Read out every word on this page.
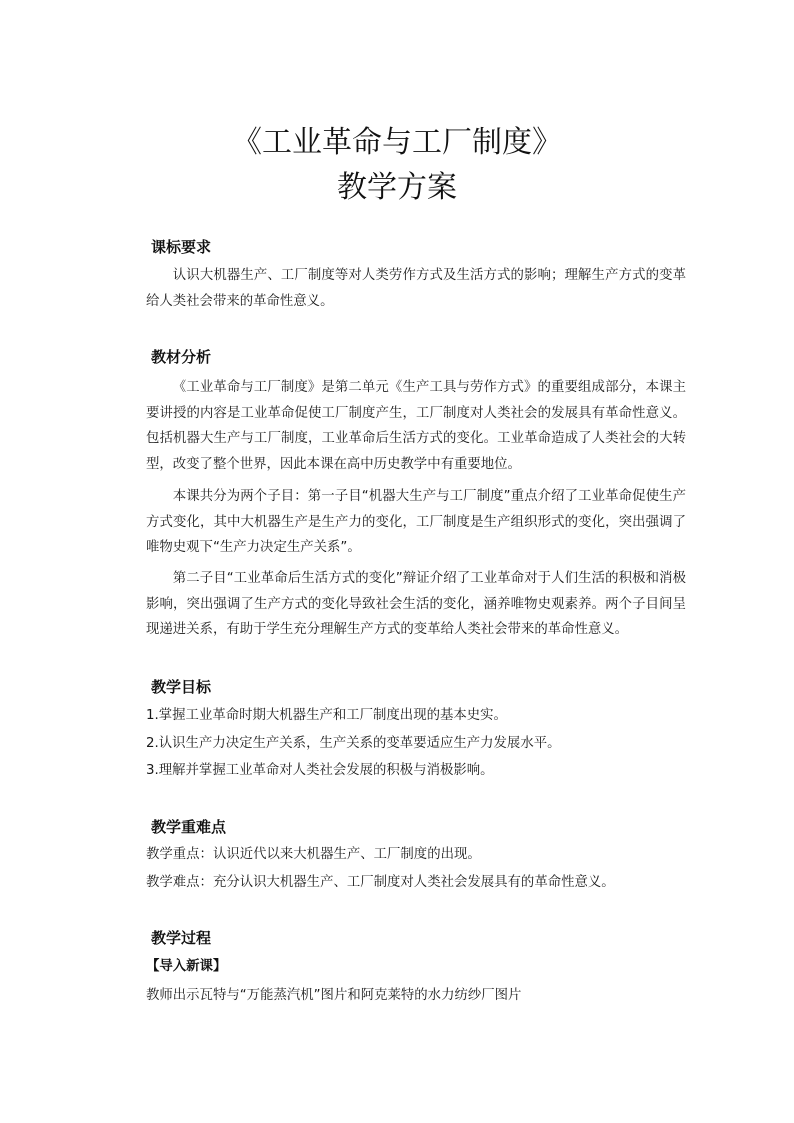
《工业革命与工厂制度》
教学方案
课标要求
认识大机器生产、工厂制度等对人类劳作方式及生活方式的影响；理解生产方式的变革给人类社会带来的革命性意义。
教材分析
《工业革命与工厂制度》是第二单元《生产工具与劳作方式》的重要组成部分，本课主要讲授的内容是工业革命促使工厂制度产生，工厂制度对人类社会的发展具有革命性意义。包括机器大生产与工厂制度，工业革命后生活方式的变化。工业革命造成了人类社会的大转型，改变了整个世界，因此本课在高中历史教学中有重要地位。
本课共分为两个子目：第一子目“机器大生产与工厂制度”重点介绍了工业革命促使生产方式变化，其中大机器生产是生产力的变化，工厂制度是生产组织形式的变化，突出强调了唯物史观下“生产力决定生产关系”。
第二子目“工业革命后生活方式的变化”辩证介绍了工业革命对于人们生活的积极和消极影响，突出强调了生产方式的变化导致社会生活的变化，涵养唯物史观素养。两个子目间呈现递进关系，有助于学生充分理解生产方式的变革给人类社会带来的革命性意义。
教学目标
1.掌握工业革命时期大机器生产和工厂制度出现的基本史实。
2.认识生产力决定生产关系，生产关系的变革要适应生产力发展水平。
3.理解并掌握工业革命对人类社会发展的积极与消极影响。
教学重难点
教学重点：认识近代以来大机器生产、工厂制度的出现。
教学难点：充分认识大机器生产、工厂制度对人类社会发展具有的革命性意义。
教学过程
【导入新课】
教师出示瓦特与“万能蒸汽机”图片和阿克莱特的水力纺纱厂图片
